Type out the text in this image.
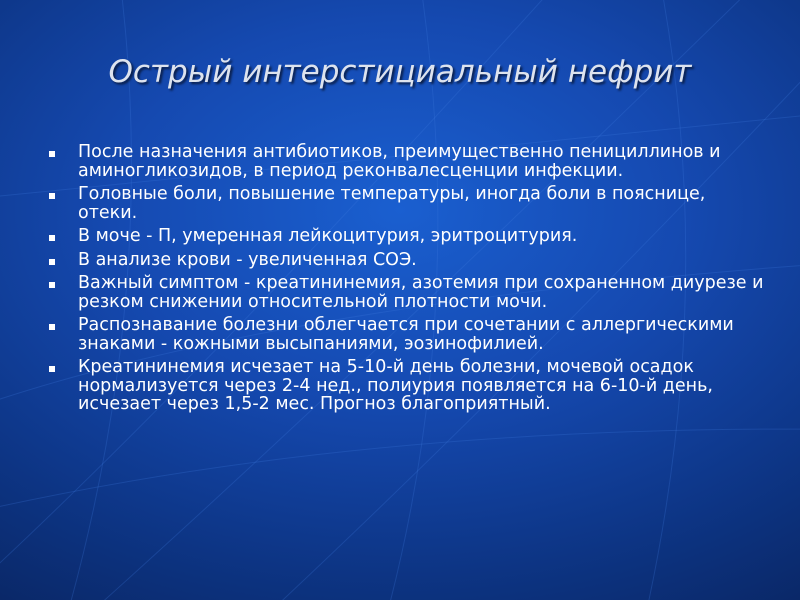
Острый интерстициальный нефрит
После назначения антибиотиков, преимущественно пенициллинов и аминогликозидов, в период реконвалесценции инфекции.
Головные боли, повышение температуры, иногда боли в пояснице, отеки.
В моче - П, умеренная лейкоцитурия, эритроцитурия.
В анализе крови - увеличенная СОЭ.
Важный симптом - креатининемия, азотемия при сохраненном диурезе и резком снижении относительной плотности мочи.
Распознавание болезни облегчается при сочетании с аллергическими знаками - кожными высыпаниями, эозинофилией.
Креатининемия исчезает на 5-10-й день болезни, мочевой осадок нормализуется через 2-4 нед., полиурия появляется на 6-10-й день, исчезает через 1,5-2 мес. Прогноз благоприятный.
